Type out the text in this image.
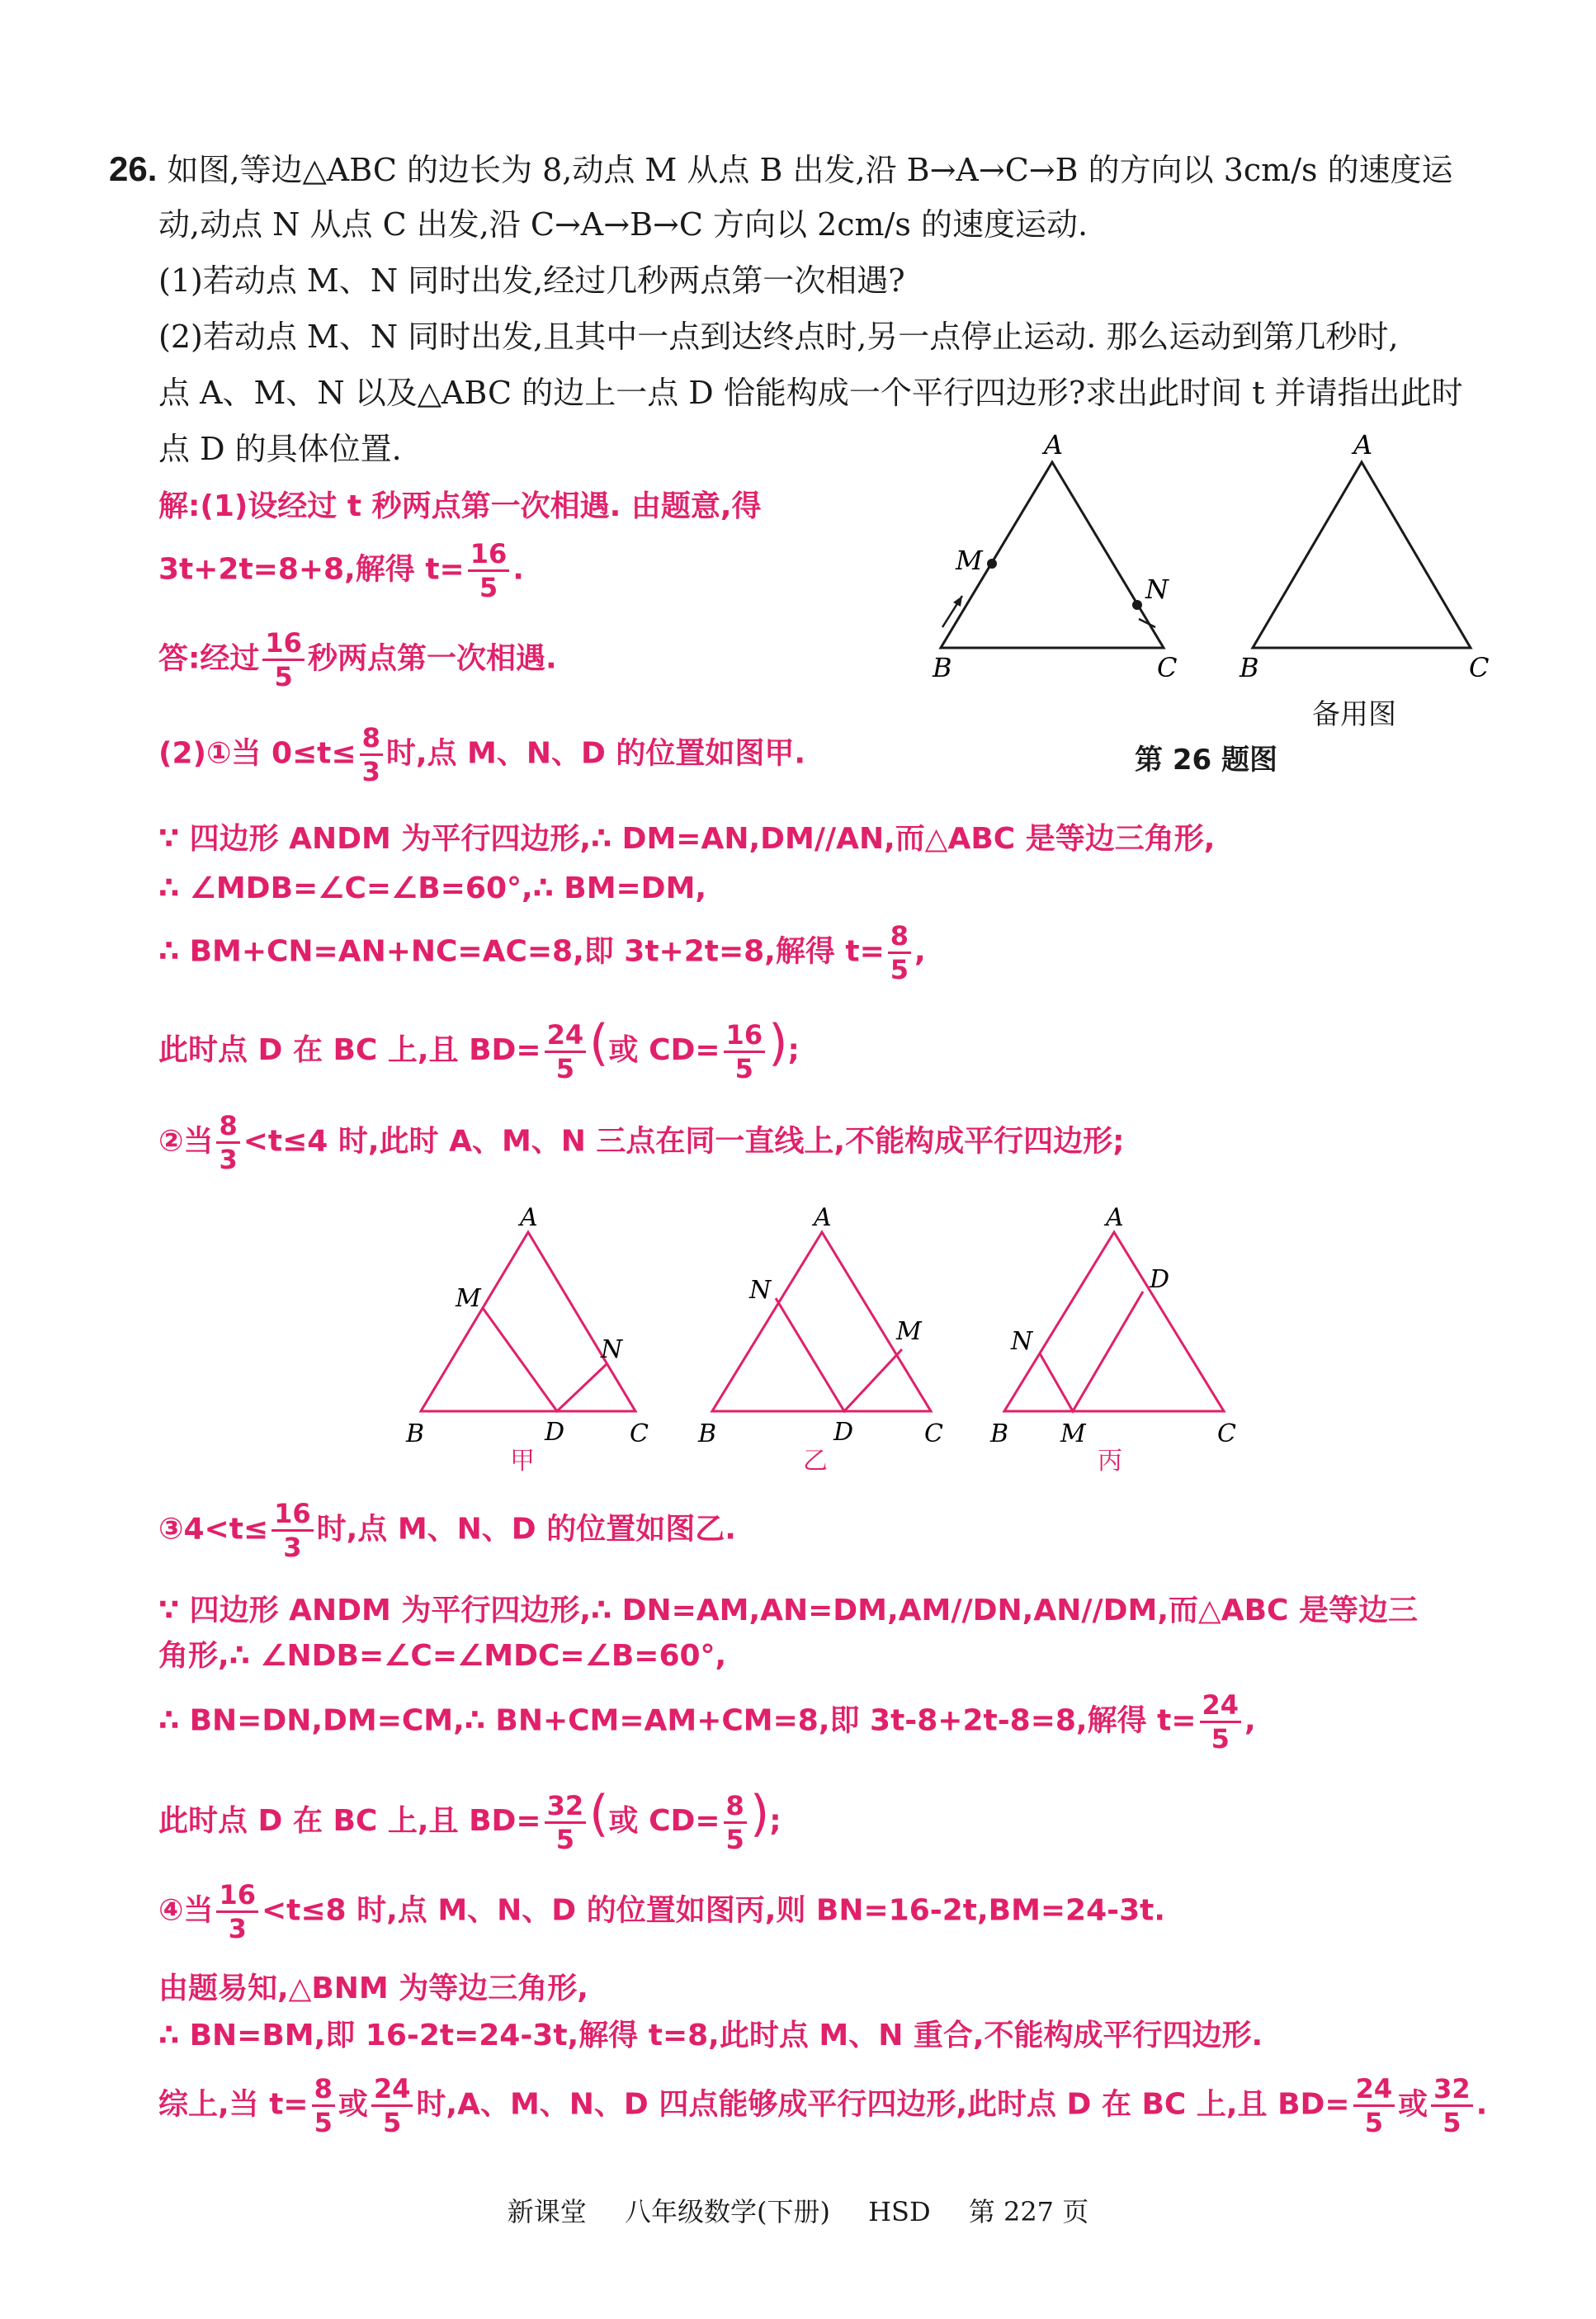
26. 如图,等边△ABC 的边长为 8,动点 M 从点 B 出发,沿 B→A→C→B 的方向以 3cm/s 的速度运
动,动点 N 从点 C 出发,沿 C→A→B→C 方向以 2cm/s 的速度运动.
(1)若动点 M、N 同时出发,经过几秒两点第一次相遇?
(2)若动点 M、N 同时出发,且其中一点到达终点时,另一点停止运动. 那么运动到第几秒时,
点 A、M、N 以及△ABC 的边上一点 D 恰能构成一个平行四边形?求出此时间 t 并请指出此时
点 D 的具体位置.	A
B	C
M
N
A
B	C
备用图
第 26 题图
解:(1)设经过 t 秒两点第一次相遇. 由题意,得
3t+2t=8+8,解得 $t= \frac{16}{5}$ .
答:经过 $\frac{16}{5}$ 秒两点第一次相遇.
(2)①当 $0\le t\le \frac{8}{3}$ 时,点 M、N、D 的位置如图甲.
∵ 四边形 ANDM 为平行四边形,∴ DM=AN,DM//AN,而△ABC 是等边三角形,
∴ ∠MDB=∠C=∠B=60°,∴ BM=DM,
∴ BM+CN=AN+NC=AC=8,即 3t+2t=8,解得 $t= \frac{8}{5}$ ,
此时点 D 在 BC 上,且 $BD= \frac{24}{5}$ (或 $CD= \frac{16}{5}$ );
②当 $\frac{8}{3} <t\le 4$ 时,此时 A、M、N 三点在同一直线上,不能构成平行四边形;
A
B	C
M
N
D
甲
A
B	C
N
M
D
乙
A
B	C
N
M
D
丙
③4<t≤ $\frac{16}{3}$ 时,点 M、N、D 的位置如图乙.
∵ 四边形 ANDM 为平行四边形,∴ DN=AM,AN=DM,AM//DN,AN//DM,而△ABC 是等边三
角形,∴ ∠NDB=∠C=∠MDC=∠B=60°,
∴ BN=DN,DM=CM,∴ BN+CM=AM+CM=8,即 3t-8+2t-8=8,解得 $t= \frac{24}{5}$ ,
此时点 D 在 BC 上,且 $BD= \frac{32}{5}$ (或 $CD= \frac{8}{5}$ );
④当 $\frac{16}{3} <t\le 8$ 时,点 M、N、D 的位置如图丙,则 BN=16-2t,BM=24-3t.
由题易知,△BNM 为等边三角形,
∴ BN=BM,即 16-2t=24-3t,解得 t=8,此时点 M、N 重合,不能构成平行四边形.
综上,当 $t= \frac{8}{5}$ 或 $\frac{24}{5}$ 时,A、M、N、D 四点能够成平行四边形,此时点 D 在 BC 上,且 $BD= \frac{24}{5}$ 或 $\frac{32}{5}$ .
新课堂 八年级数学(下册) HSD 第 227 页
